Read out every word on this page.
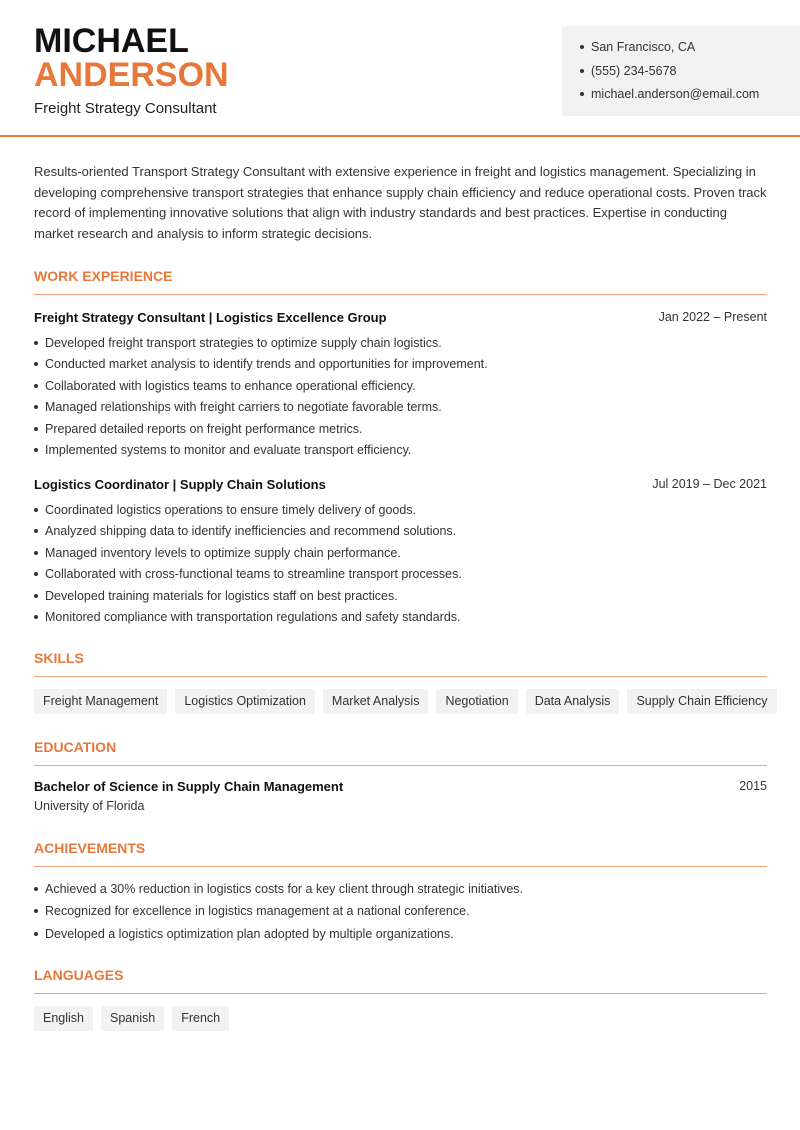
MICHAEL
ANDERSON
Freight Strategy Consultant
San Francisco, CA
(555) 234-5678
michael.anderson@email.com
Results-oriented Transport Strategy Consultant with extensive experience in freight and logistics management. Specializing in developing comprehensive transport strategies that enhance supply chain efficiency and reduce operational costs. Proven track record of implementing innovative solutions that align with industry standards and best practices. Expertise in conducting market research and analysis to inform strategic decisions.
WORK EXPERIENCE
Freight Strategy Consultant | Logistics Excellence Group	Jan 2022 – Present
Developed freight transport strategies to optimize supply chain logistics.
Conducted market analysis to identify trends and opportunities for improvement.
Collaborated with logistics teams to enhance operational efficiency.
Managed relationships with freight carriers to negotiate favorable terms.
Prepared detailed reports on freight performance metrics.
Implemented systems to monitor and evaluate transport efficiency.
Logistics Coordinator | Supply Chain Solutions	Jul 2019 – Dec 2021
Coordinated logistics operations to ensure timely delivery of goods.
Analyzed shipping data to identify inefficiencies and recommend solutions.
Managed inventory levels to optimize supply chain performance.
Collaborated with cross-functional teams to streamline transport processes.
Developed training materials for logistics staff on best practices.
Monitored compliance with transportation regulations and safety standards.
SKILLS
Freight Management	Logistics Optimization	Market Analysis	Negotiation	Data Analysis	Supply Chain Efficiency
EDUCATION
Bachelor of Science in Supply Chain Management	2015
University of Florida
ACHIEVEMENTS
Achieved a 30% reduction in logistics costs for a key client through strategic initiatives.
Recognized for excellence in logistics management at a national conference.
Developed a logistics optimization plan adopted by multiple organizations.
LANGUAGES
English	Spanish	French
